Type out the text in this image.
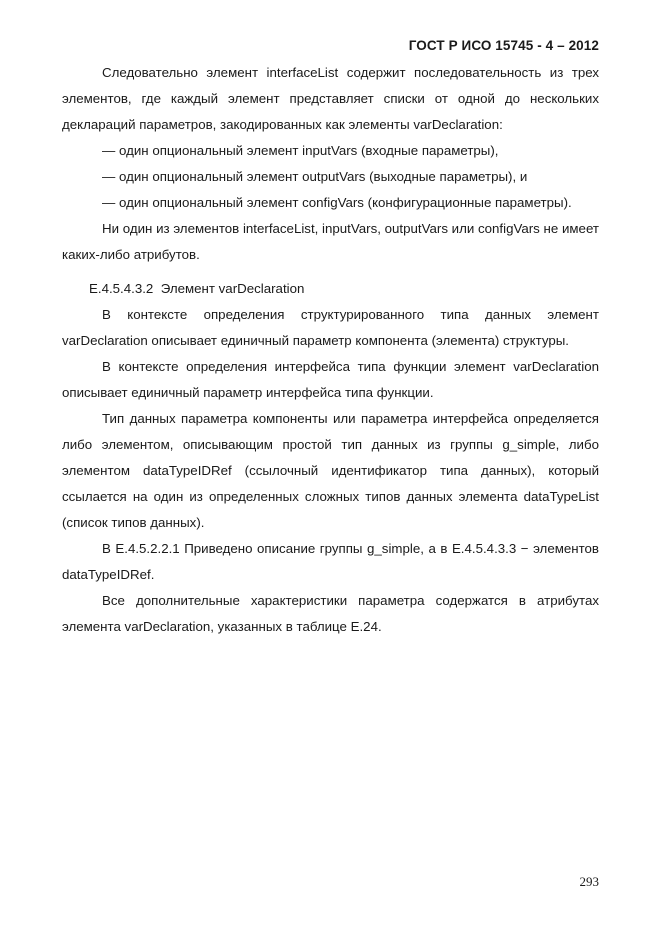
ГОСТ Р ИСО 15745 - 4 – 2012

Следовательно элемент interfaceList содержит последовательность из трех элементов, где каждый элемент представляет списки от одной до нескольких деклараций параметров, закодированных как элементы varDeclaration:

— один опциональный элемент inputVars (входные параметры),

— один опциональный элемент outputVars (выходные параметры), и

— один опциональный элемент configVars (конфигурационные параметры).

Ни один из элементов interfaceList, inputVars, outputVars или configVars не имеет каких-либо атрибутов.

Е.4.5.4.3.2 Элемент varDeclaration

В контексте определения структурированного типа данных элемент varDeclaration описывает единичный параметр компонента (элемента) структуры.

В контексте определения интерфейса типа функции элемент varDeclaration описывает единичный параметр интерфейса типа функции.

Тип данных параметра компоненты или параметра интерфейса определяется либо элементом, описывающим простой тип данных из группы g_simple, либо элементом dataTypeIDRef (ссылочный идентификатор типа данных), который ссылается на один из определенных сложных типов данных элемента dataTypeList (список типов данных).

В Е.4.5.2.2.1 Приведено описание группы g_simple, а в Е.4.5.4.3.3 − элементов dataTypeIDRef.

Все дополнительные характеристики параметра содержатся в атрибутах элемента varDeclaration, указанных в таблице Е.24.

293
